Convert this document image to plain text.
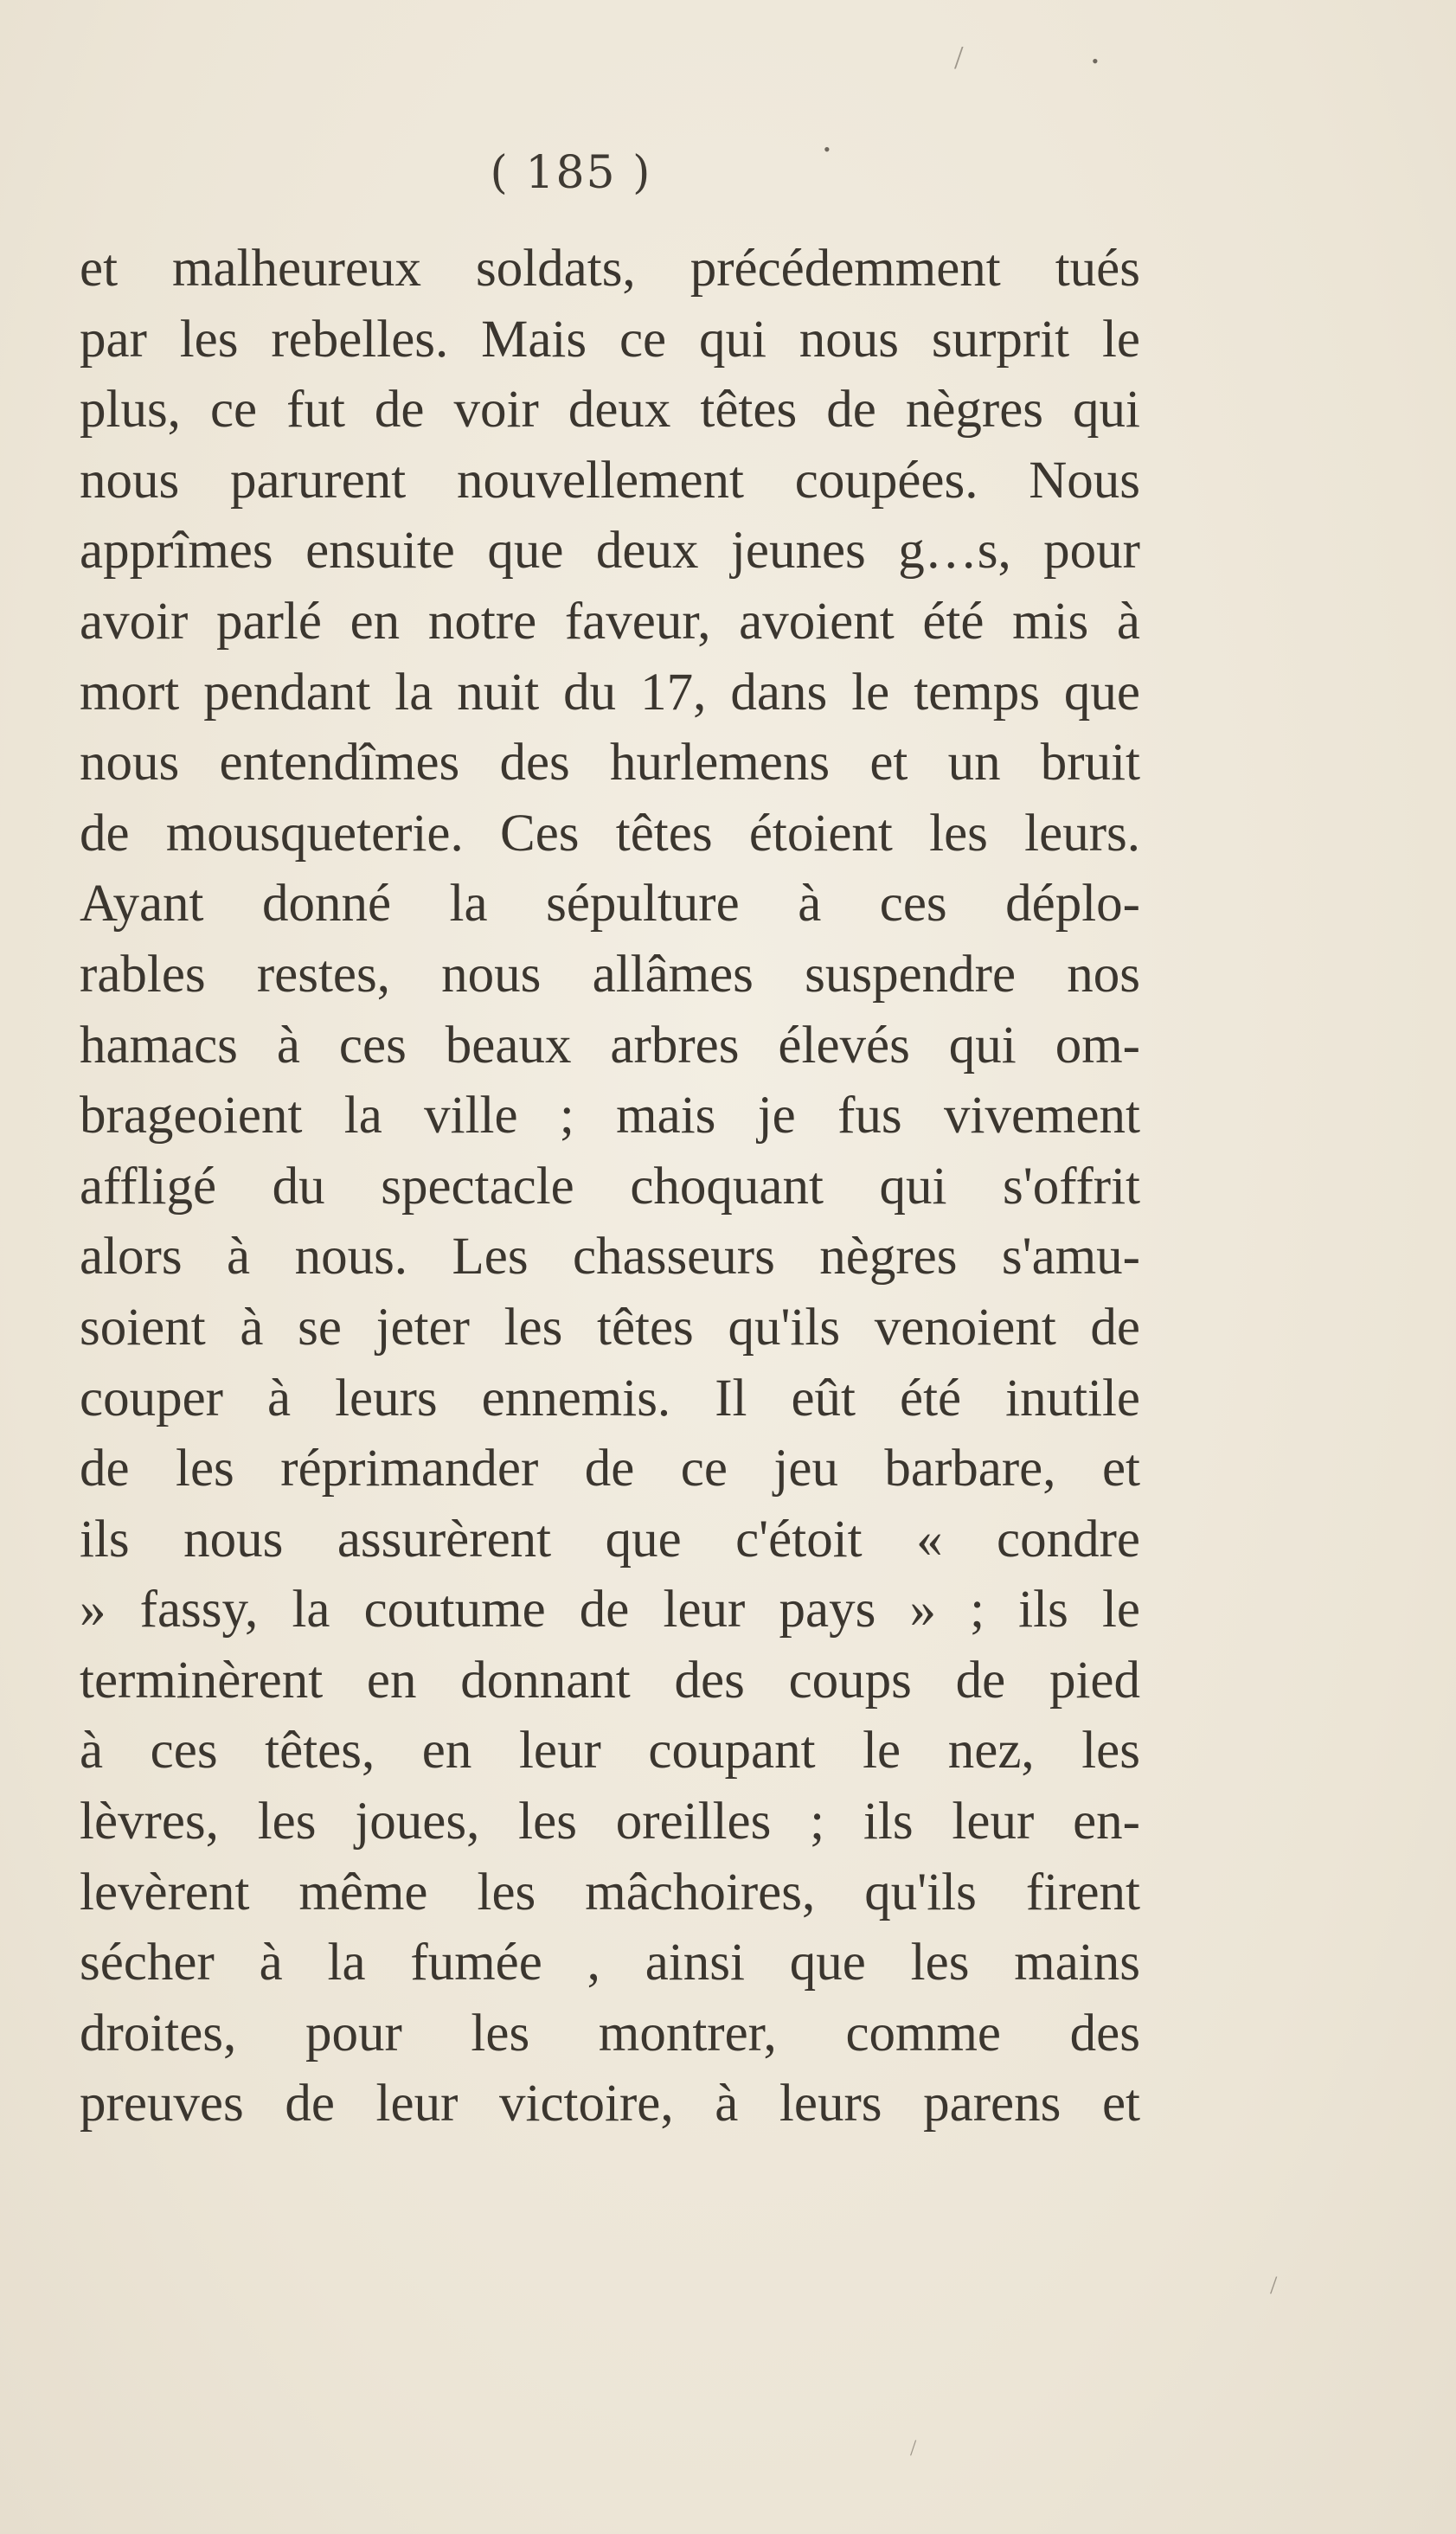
/	•
•
/
/
( 185 )
et malheureux soldats, précédemment tués
par les rebelles. Mais ce qui nous surprit le
plus, ce fut de voir deux têtes de nègres qui
nous parurent nouvellement coupées. Nous
apprîmes ensuite que deux jeunes g…s, pour
avoir parlé en notre faveur, avoient été mis à
mort pendant la nuit du 17, dans le temps que
nous entendîmes des hurlemens et un bruit
de mousqueterie. Ces têtes étoient les leurs.
Ayant donné la sépulture à ces déplo-
rables restes, nous allâmes suspendre nos
hamacs à ces beaux arbres élevés qui om-
brageoient la ville ; mais je fus vivement
affligé du spectacle choquant qui s'offrit
alors à nous. Les chasseurs nègres s'amu-
soient à se jeter les têtes qu'ils venoient de
couper à leurs ennemis. Il eût été inutile
de les réprimander de ce jeu barbare, et
ils nous assurèrent que c'étoit « condre
» fassy, la coutume de leur pays » ; ils le
terminèrent en donnant des coups de pied
à ces têtes, en leur coupant le nez, les
lèvres, les joues, les oreilles ; ils leur en-
levèrent même les mâchoires, qu'ils firent
sécher à la fumée , ainsi que les mains
droites, pour les montrer, comme des
preuves de leur victoire, à leurs parens et
